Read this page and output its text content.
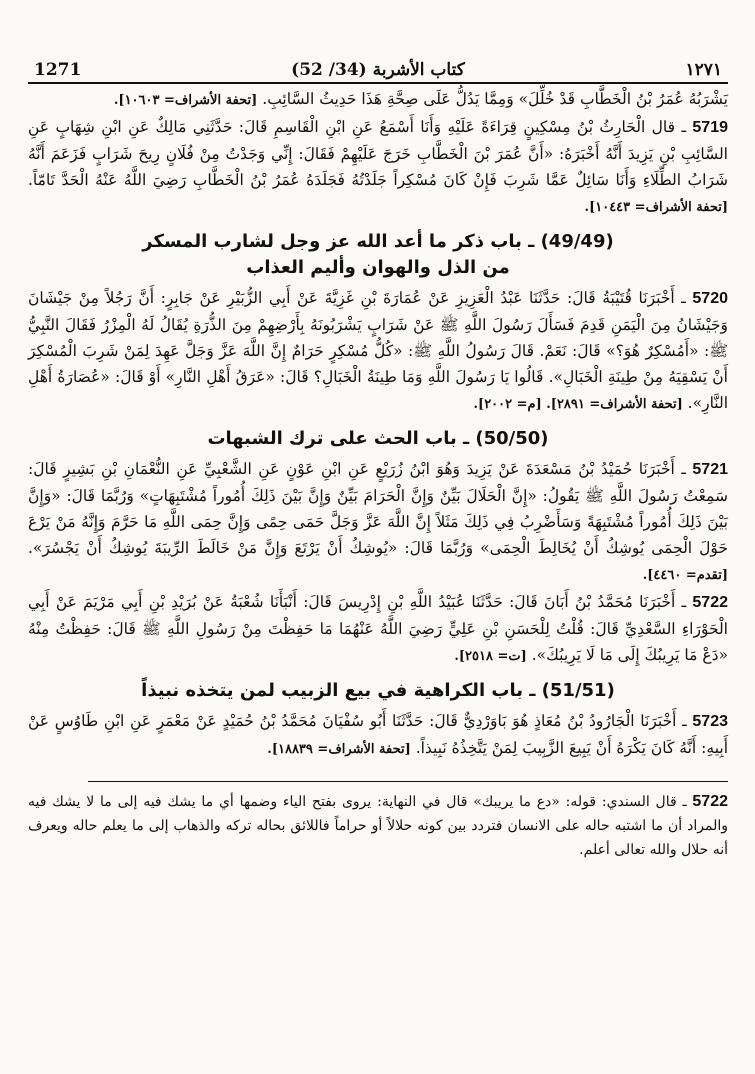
1271	(52 /34) كتاب الأشربة	١٢٧١

يَشْرَبُهُ عُمَرُ بْنُ الْخَطَّابِ قَدْ خُلِّلَ» وَمِمَّا يَدُلُّ عَلَى صِحَّةِ هَذَا حَدِيثُ السَّائِبِ. [تحفة الأشراف= ١٠٦٠٣].

5719 ـ قال الْحَارِثُ بْنُ مِسْكِينٍ قِرَاءَةً عَلَيْهِ وَأَنَا أَسْمَعُ عَنِ ابْنِ الْقَاسِمِ قَالَ: حَدَّثَنِي مَالِكٌ عَنِ ابْنِ شِهَابٍ عَنِ السَّائِبِ بْنِ يَزِيدَ أَنَّهُ أَخْبَرَهُ: «أَنَّ عُمَرَ بْنَ الْخَطَّابِ خَرَجَ عَلَيْهِمْ فَقَالَ: إِنِّي وَجَدْتُ مِنْ فُلَانٍ رِيحَ شَرَابٍ فَزَعَمَ أَنَّهُ شَرَابُ الطِّلَاءِ وَأَنَا سَائِلٌ عَمَّا شَرِبَ فَإِنْ كَانَ مُسْكِراً جَلَدْتُهُ فَجَلَدَهُ عُمَرُ بْنُ الْخَطَّابِ رَضِيَ اللَّهُ عَنْهُ الْحَدَّ تَامّاً. [تحفة الأشراف= ١٠٤٤٣].

(49/49) ـ باب ذكر ما أعد الله عز وجل لشارب المسكر
من الذل والهوان وأليم العذاب

5720 ـ أَخْبَرَنَا قُتَيْبَةُ قَالَ: حَدَّثَنَا عَبْدُ الْعَزِيزِ عَنْ عُمَارَةَ بْنِ غَزِيَّةَ عَنْ أَبِي الزُّبَيْرِ عَنْ جَابِرٍ: أَنَّ رَجُلاً مِنْ جَيْشَانَ وَجَيْشَانُ مِنَ الْيَمَنِ قَدِمَ فَسَأَلَ رَسُولَ اللَّهِ ﷺ عَنْ شَرَابٍ يَشْرَبُونَهُ بِأَرْضِهِمْ مِنَ الذُّرَةِ يُقَالُ لَهُ الْمِزْرُ فَقَالَ النَّبِيُّ ﷺ: «أَمُسْكِرٌ هُوَ؟» قَالَ: نَعَمْ. قَالَ رَسُولُ اللَّهِ ﷺ: «كُلُّ مُسْكِرٍ حَرَامٌ إِنَّ اللَّهَ عَزَّ وَجَلَّ عَهِدَ لِمَنْ شَرِبَ الْمُسْكِرَ أَنْ يَسْقِيَهُ مِنْ طِينَةِ الْخَبَالِ». قَالُوا يَا رَسُولَ اللَّهِ وَمَا طِينَةُ الْخَبَالِ؟ قَالَ: «عَرَقُ أَهْلِ النَّارِ» أَوْ قَالَ: «عُصَارَةُ أَهْلِ النَّارِ». [تحفة الأشراف= ٢٨٩١]. [م= ٢٠٠٢].

(50/50) ـ باب الحث على ترك الشبهات

5721 ـ أَخْبَرَنَا حُمَيْدُ بْنُ مَسْعَدَةَ عَنْ يَزِيدَ وَهُوَ ابْنُ زُرَيْعٍ عَنِ ابْنِ عَوْنٍ عَنِ الشَّعْبِيِّ عَنِ النُّعْمَانِ بْنِ بَشِيرٍ قَالَ: سَمِعْتُ رَسُولَ اللَّهِ ﷺ يَقُولُ: «إِنَّ الْحَلَالَ بَيِّنٌ وَإِنَّ الْحَرَامَ بَيِّنٌ وَإِنَّ بَيْنَ ذَلِكَ أُمُوراً مُشْتَبِهَاتٍ» وَرُبَّمَا قَالَ: «وَإِنَّ بَيْنَ ذَلِكَ أُمُوراً مُشْتَبِهَةً وَسَأَضْرِبُ فِي ذَلِكَ مَثَلاً إِنَّ اللَّهَ عَزَّ وَجَلَّ حَمَى حِمًى وَإِنَّ حِمَى اللَّهِ مَا حَرَّمَ وَإِنَّهُ مَنْ يَرْعَ حَوْلَ الْحِمَى يُوشِكُ أَنْ يُخَالِطَ الْحِمَى» وَرُبَّمَا قَالَ: «يُوشِكُ أَنْ يَرْتَعَ وَإِنَّ مَنْ خَالَطَ الرِّيبَةَ يُوشِكُ أَنْ يَجْسُرَ». [تقدم= ٤٤٦٠].

5722 ـ أَخْبَرَنَا مُحَمَّدُ بْنُ أَبَانَ قَالَ: حَدَّثَنَا عُبَيْدُ اللَّهِ بْنِ إِدْرِيسَ قَالَ: أَنْبَأَنَا شُعْبَةُ عَنْ بُرَيْدِ بْنِ أَبِي مَرْيَمَ عَنْ أَبِي الْحَوْرَاءِ السَّعْدِيِّ قَالَ: قُلْتُ لِلْحَسَنِ بْنِ عَلِيٍّ رَضِيَ اللَّهُ عَنْهُمَا مَا حَفِظْتَ مِنْ رَسُولِ اللَّهِ ﷺ قَالَ: حَفِظْتُ مِنْهُ «دَعْ مَا يَرِيبُكَ إِلَى مَا لَا يَرِيبُكَ». [ت= ٢٥١٨].

(51/51) ـ باب الكراهية في بيع الزبيب لمن يتخذه نبيذاً

5723 ـ أَخْبَرَنَا الْجَارُودُ بْنُ مُعَاذٍ هُوَ بَاوَرْدِيٌّ قَالَ: حَدَّثَنَا أَبُو سُفْيَانَ مُحَمَّدُ بْنُ حُمَيْدٍ عَنْ مَعْمَرٍ عَنِ ابْنِ طَاوُسٍ عَنْ أَبِيهِ: أَنَّهُ كَانَ يَكْرَهُ أَنْ يَبِيعَ الزَّبِيبَ لِمَنْ يَتَّخِذُهُ نَبِيذاً. [تحفة الأشراف= ١٨٨٣٩].

5722 ـ قال السندي: قوله: «دع ما يريبك» قال في النهاية: يروى بفتح الياء وضمها أي ما يشك فيه إلى ما لا يشك فيه والمراد أن ما اشتبه حاله على الانسان فتردد بين كونه حلالاً أو حراماً فاللائق بحاله تركه والذهاب إلى ما يعلم حاله ويعرف أنه حلال والله تعالى أعلم.
